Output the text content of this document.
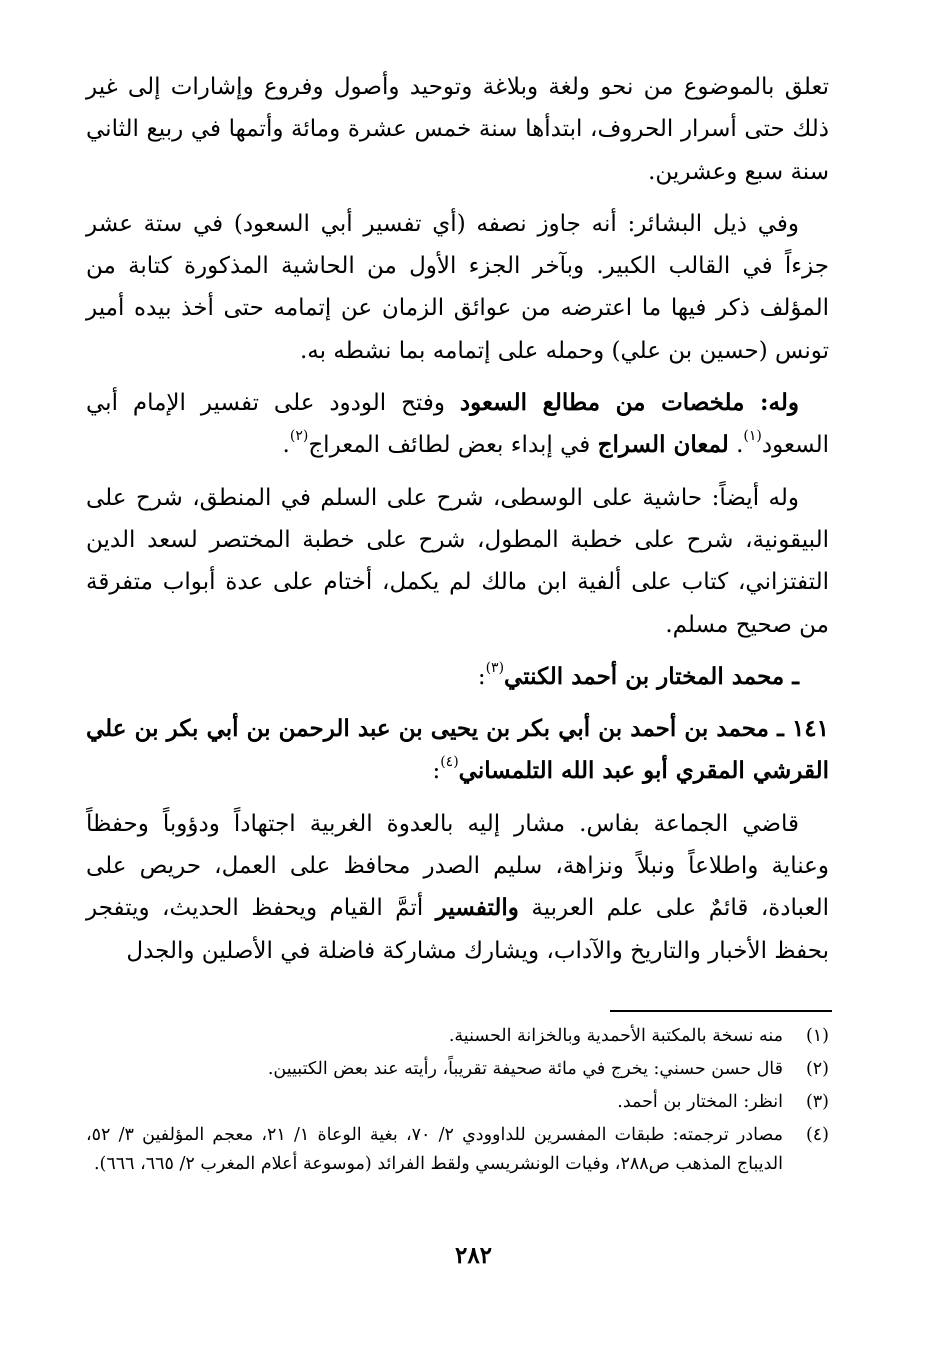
تعلق بالموضوع من نحو ولغة وبلاغة وتوحيد وأصول وفروع وإشارات إلى غير ذلك حتى أسرار الحروف، ابتدأها سنة خمس عشرة ومائة وأتمها في ربيع الثاني سنة سبع وعشرين.

وفي ذيل البشائر: أنه جاوز نصفه (أي تفسير أبي السعود) في ستة عشر جزءاً في القالب الكبير. وبآخر الجزء الأول من الحاشية المذكورة كتابة من المؤلف ذكر فيها ما اعترضه من عوائق الزمان عن إتمامه حتى أخذ بيده أمير تونس (حسين بن علي) وحمله على إتمامه بما نشطه به.

وله: ملخصات من مطالع السعود وفتح الودود على تفسير الإمام أبي السعود$^{(١)}$. لمعان السراج في إبداء بعض لطائف المعراج$^{(٢)}$.

وله أيضاً: حاشية على الوسطى، شرح على السلم في المنطق، شرح على البيقونية، شرح على خطبة المطول، شرح على خطبة المختصر لسعد الدين التفتزاني، كتاب على ألفية ابن مالك لم يكمل، أختام على عدة أبواب متفرقة من صحيح مسلم.

ـ محمد المختار بن أحمد الكنتي$^{(٣)}$:

١٤١ ـ محمد بن أحمد بن أبي بكر بن يحيى بن عبد الرحمن بن أبي بكر بن علي القرشي المقري أبو عبد الله التلمساني$^{(٤)}$:

قاضي الجماعة بفاس. مشار إليه بالعدوة الغربية اجتهاداً ودؤوباً وحفظاً وعناية واطلاعاً ونبلاً ونزاهة، سليم الصدر محافظ على العمل، حريص على العبادة، قائمٌ على علم العربية والتفسير أتمَّ القيام ويحفظ الحديث، ويتفجر بحفظ الأخبار والتاريخ والآداب، ويشارك مشاركة فاضلة في الأصلين والجدل

(١)
منه نسخة بالمكتبة الأحمدية وبالخزانة الحسنية.
(٢)
قال حسن حسني: يخرج في مائة صحيفة تقريباً، رأيته عند بعض الكتبيين.
(٣)
انظر: المختار بن أحمد.
(٤)
مصادر ترجمته: طبقات المفسرين للداوودي ٢/ ٧٠، بغية الوعاة ١/ ٢١، معجم المؤلفين ٣/ ٥٢، الديباج المذهب ص٢٨٨، وفيات الونشريسي ولقط الفرائد (موسوعة أعلام المغرب ٢/ ٦٦٥، ٦٦٦).
٢٨٢
